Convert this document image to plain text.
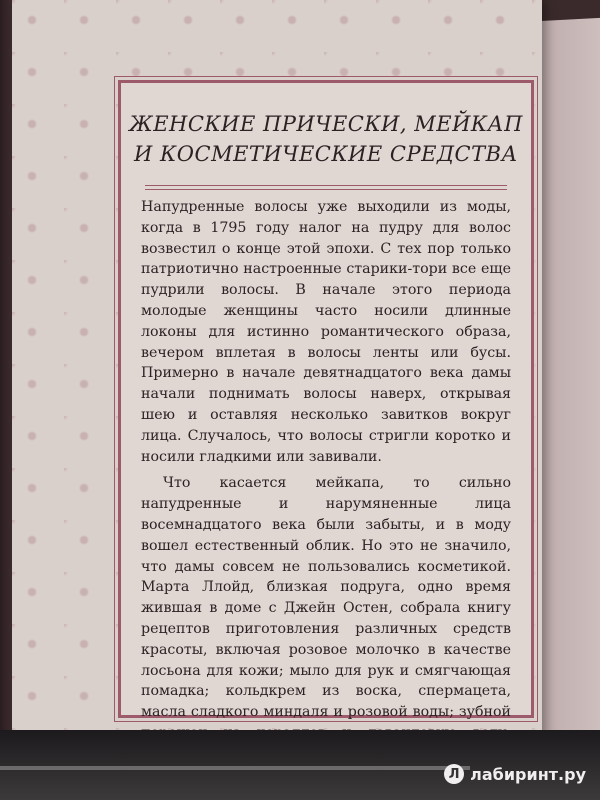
ЖЕНСКИЕ ПРИЧЕСКИ, МЕЙКАП
И КОСМЕТИЧЕСКИЕ СРЕДСТВА

Напудренные волосы уже выходили из моды, когда в 1795 году налог на пудру для волос возвестил о конце этой эпохи. С тех пор только патриотично настроенные старики-тори все еще пудрили волосы. В начале этого периода молодые женщины часто носили длинные локоны для истинно романтического образа, вечером вплетая в волосы ленты или бусы. Примерно в начале девятнадцатого века дамы начали поднимать волосы наверх, открывая шею и оставляя несколько завитков вокруг лица. Случалось, что волосы стригли коротко и носили гладкими или завивали.

Что касается мейкапа, то сильно напудренные и нарумяненные лица восемнадцатого века были забыты, и в моду вошел естественный облик. Но это не значило, что дамы совсем не пользовались косметикой. Марта Ллойд, близкая подруга, одно время жившая в доме с Джейн Остен, собрала книгу рецептов приготовления различных средств красоты, включая розовое молочко в качестве лосьона для кожи; мыло для рук и смягчающая помадка; кольдкрем из воска, спермацета, масла сладкого миндаля и розовой воды; зубной

Л лабиринт.ру
